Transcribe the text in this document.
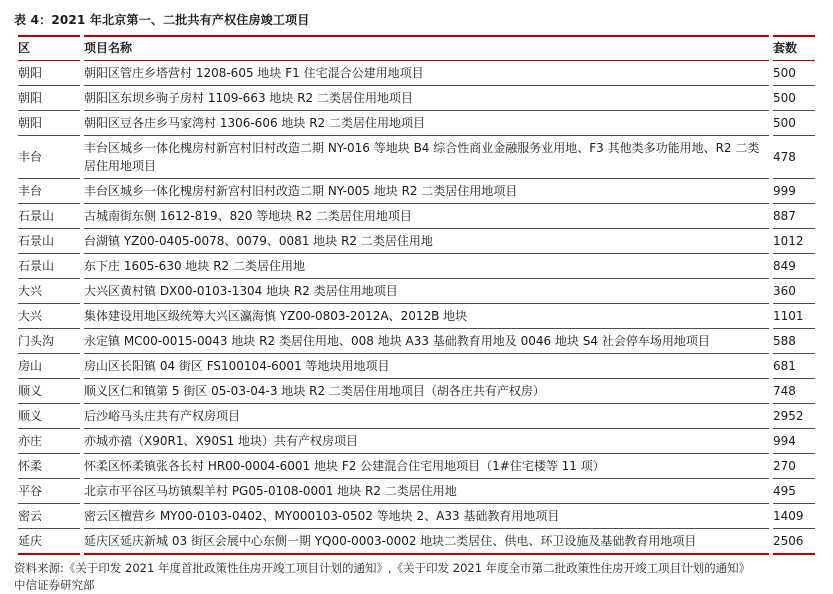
表 4：2021 年北京第一、二批共有产权住房竣工项目
区	项目名称	套数
朝阳	朝阳区管庄乡塔营村 1208-605 地块 F1 住宅混合公建用地项目	500
朝阳	朝阳区东坝乡驹子房村 1109-663 地块 R2 二类居住用地项目	500
朝阳	朝阳区豆各庄乡马家湾村 1306-606 地块 R2 二类居住用地项目	500
丰台	丰台区城乡一体化槐房村新宫村旧村改造二期 NY-016 等地块 B4 综合性商业金融服务业用地、F3 其他类多功能用地、R2 二类居住用地项目	478
丰台	丰台区城乡一体化槐房村新宫村旧村改造二期 NY-005 地块 R2 二类居住用地项目	999
石景山	古城南街东侧 1612-819、820 等地块 R2 二类居住用地项目	887
石景山	台湖镇 YZ00-0405-0078、0079、0081 地块 R2 二类居住用地	1012
石景山	东下庄 1605-630 地块 R2 二类居住用地	849
大兴	大兴区黄村镇 DX00-0103-1304 地块 R2 类居住用地项目	360
大兴	集体建设用地区级统筹大兴区瀛海慎 YZ00-0803-2012A、2012B 地块	1101
门头沟	永定镇 MC00-0015-0043 地块 R2 类居住用地、008 地块 A33 基础教育用地及 0046 地块 S4 社会停车场用地项目	588
房山	房山区长阳镇 04 街区 FS100104-6001 等地块用地项目	681
顺义	顺义区仁和镇第 5 街区 05-03-04-3 地块 R2 二类居住用地项目（胡各庄共有产权房）	748
顺义	后沙峪马头庄共有产权房项目	2952
亦庄	亦城亦禧（X90R1、X90S1 地块）共有产权房项目	994
怀柔	怀柔区怀柔镇张各长村 HR00-0004-6001 地块 F2 公建混合住宅用地项目（1#住宅楼等 11 项）	270
平谷	北京市平谷区马坊镇梨羊村 PG05-0108-0001 地块 R2 二类居住用地	495
密云	密云区檀营乡 MY00-0103-0402、MY000103-0502 等地块 2、A33 基础教育用地项目	1409
延庆	延庆区延庆新城 03 街区会展中心东侧一期 YQ00-0003-0002 地块二类居住、供电、环卫设施及基础教育用地项目	2506
资料来源:《关于印发 2021 年度首批政策性住房开竣工项目计划的通知》,《关于印发 2021 年度全市第二批政策性住房开竣工项目计划的通知》
中信证券研究部
